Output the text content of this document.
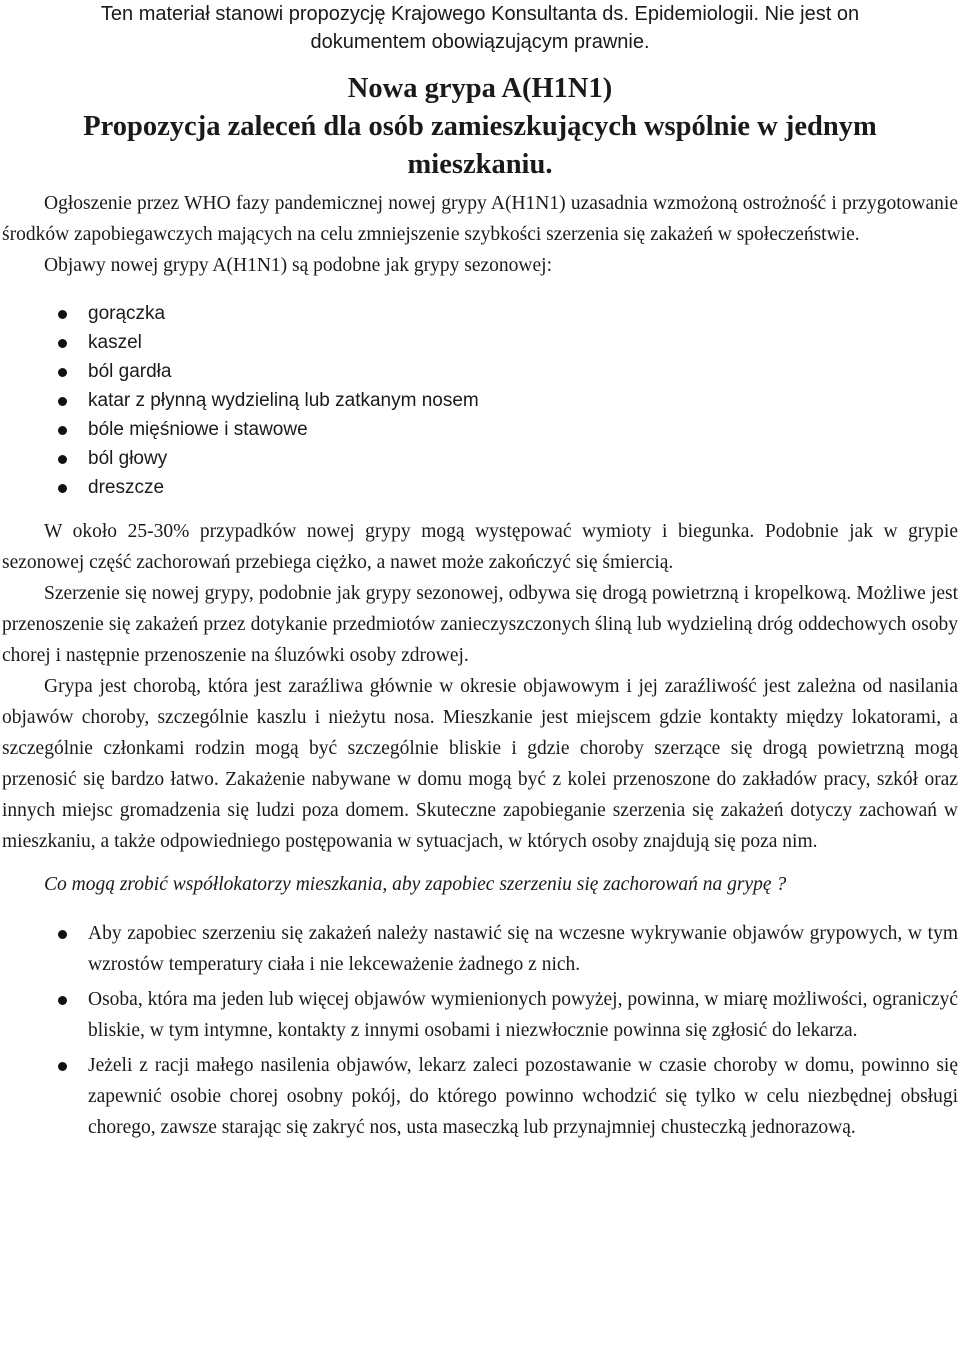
Ten materiał stanowi propozycję Krajowego Konsultanta ds. Epidemiologii. Nie jest on
dokumentem obowiązującym prawnie.
Nowa grypa A(H1N1)
Propozycja zaleceń dla osób zamieszkujących wspólnie w jednym mieszkaniu.

Ogłoszenie przez WHO fazy pandemicznej nowej grypy A(H1N1) uzasadnia wzmożoną ostrożność i przygotowanie środków zapobiegawczych mających na celu zmniejszenie szybkości szerzenia się zakażeń w społeczeństwie.

Objawy nowej grypy A(H1N1) są podobne jak grypy sezonowej:

gorączka
kaszel
ból gardła
katar z płynną wydzieliną lub zatkanym nosem
bóle mięśniowe i stawowe
ból głowy
dreszcze

W około 25-30% przypadków nowej grypy mogą występować wymioty i biegunka. Podobnie jak w grypie sezonowej część zachorowań przebiega ciężko, a nawet może zakończyć się śmiercią.

Szerzenie się nowej grypy, podobnie jak grypy sezonowej, odbywa się drogą powietrzną i kropelkową. Możliwe jest przenoszenie się zakażeń przez dotykanie przedmiotów zanieczyszczonych śliną lub wydzieliną dróg oddechowych osoby chorej i następnie przenoszenie na śluzówki osoby zdrowej.

Grypa jest chorobą, która jest zaraźliwa głównie w okresie objawowym i jej zaraźliwość jest zależna od nasilania objawów choroby, szczególnie kaszlu i nieżytu nosa. Mieszkanie jest miejscem gdzie kontakty między lokatorami, a szczególnie członkami rodzin mogą być szczególnie bliskie i gdzie choroby szerzące się drogą powietrzną mogą przenosić się bardzo łatwo. Zakażenie nabywane w domu mogą być z kolei przenoszone do zakładów pracy, szkół oraz innych miejsc gromadzenia się ludzi poza domem. Skuteczne zapobieganie szerzenia się zakażeń dotyczy zachowań w mieszkaniu, a także odpowiedniego postępowania w sytuacjach, w których osoby znajdują się poza nim.

Co mogą zrobić współlokatorzy mieszkania, aby zapobiec szerzeniu się zachorowań na grypę ?

Aby zapobiec szerzeniu się zakażeń należy nastawić się na wczesne wykrywanie objawów grypowych, w tym wzrostów temperatury ciała i nie lekceważenie żadnego z nich.
Osoba, która ma jeden lub więcej objawów wymienionych powyżej, powinna, w miarę możliwości, ograniczyć bliskie, w tym intymne, kontakty z innymi osobami i niezwłocznie powinna się zgłosić do lekarza.
Jeżeli z racji małego nasilenia objawów, lekarz zaleci pozostawanie w czasie choroby w domu, powinno się zapewnić osobie chorej osobny pokój, do którego powinno wchodzić się tylko w celu niezbędnej obsługi chorego, zawsze starając się zakryć nos, usta maseczką lub przynajmniej chusteczką jednorazową.
